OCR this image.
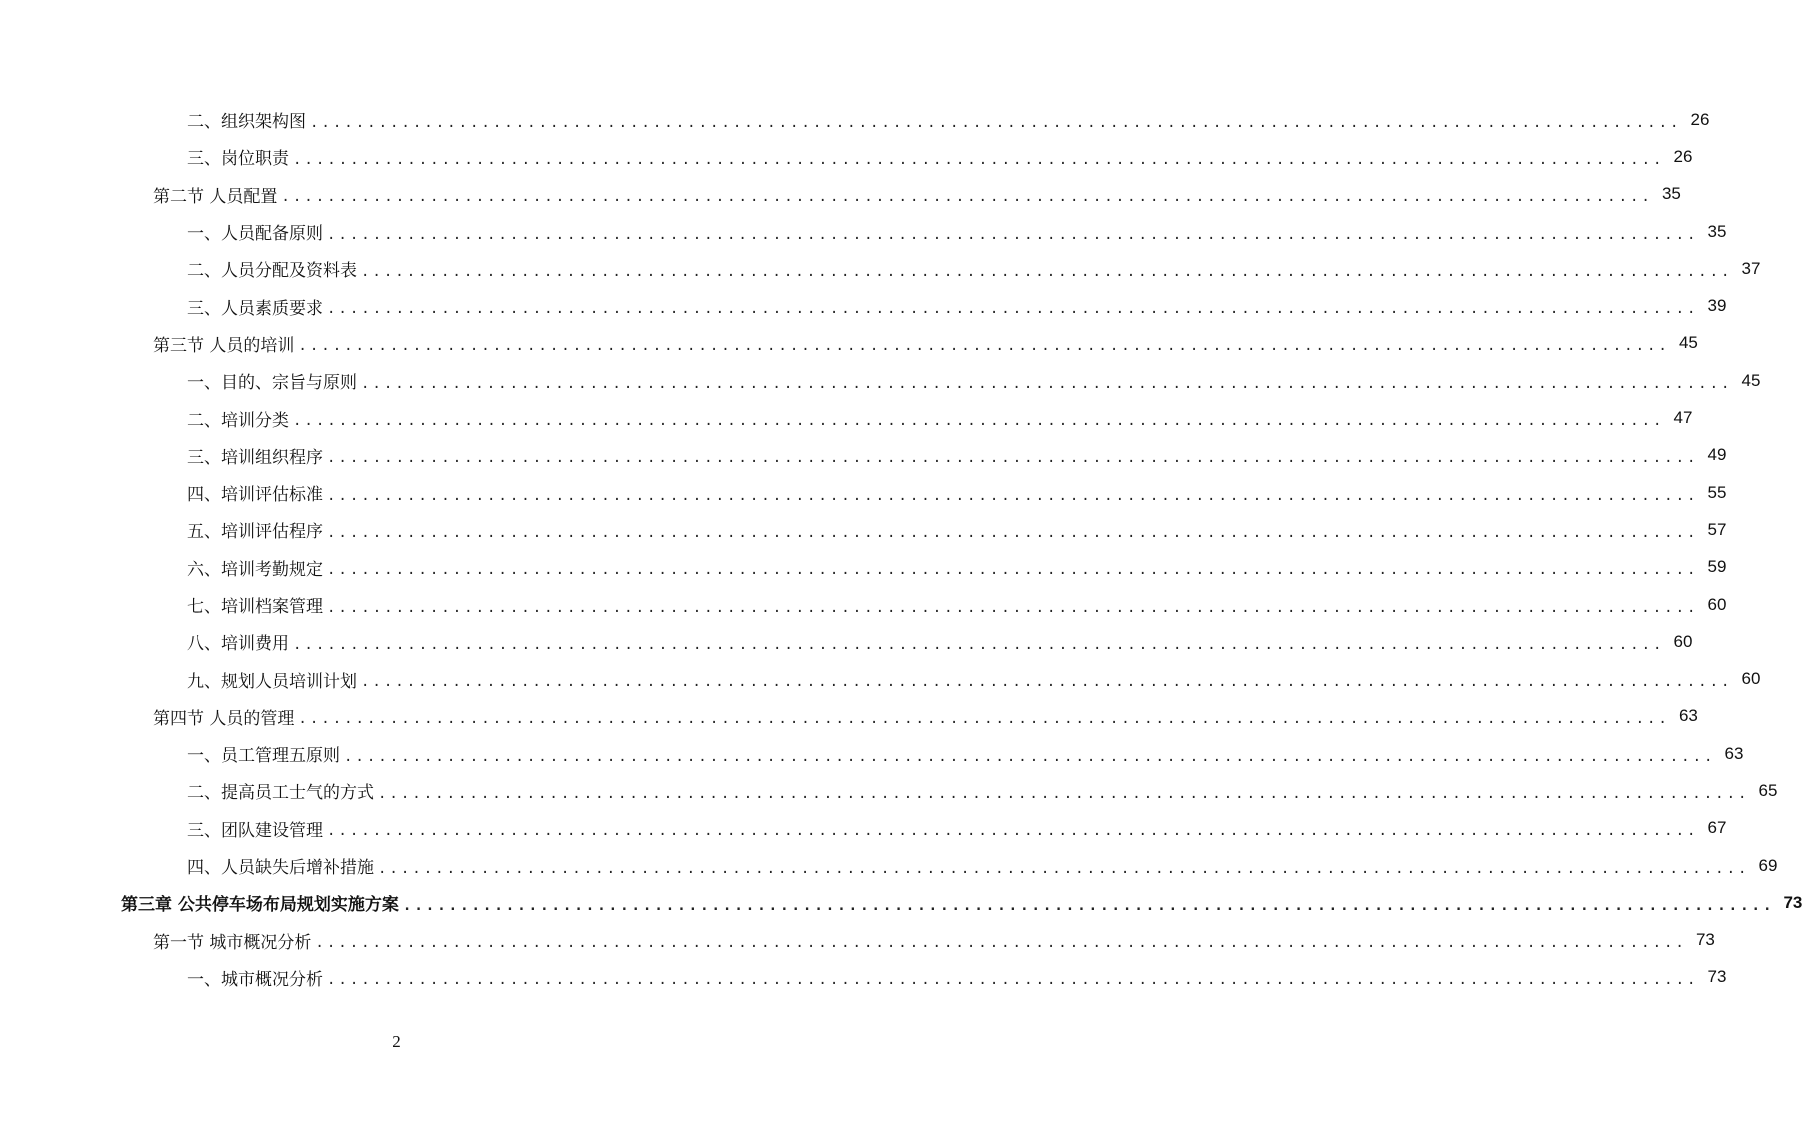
二、组织架构图 ........................................................................................................................ 26
三、岗位职责 ........................................................................................................................ 26
第二节 人员配置 ........................................................................................................................ 35
一、人员配备原则 ........................................................................................................................ 35
二、人员分配及资料表 ........................................................................................................................ 37
三、人员素质要求 ........................................................................................................................ 39
第三节 人员的培训 ........................................................................................................................ 45
一、目的、宗旨与原则 ........................................................................................................................ 45
二、培训分类 ........................................................................................................................ 47
三、培训组织程序 ........................................................................................................................ 49
四、培训评估标准 ........................................................................................................................ 55
五、培训评估程序 ........................................................................................................................ 57
六、培训考勤规定 ........................................................................................................................ 59
七、培训档案管理 ........................................................................................................................ 60
八、培训费用 ........................................................................................................................ 60
九、规划人员培训计划 ........................................................................................................................ 60
第四节 人员的管理 ........................................................................................................................ 63
一、员工管理五原则 ........................................................................................................................ 63
二、提高员工士气的方式 ........................................................................................................................ 65
三、团队建设管理 ........................................................................................................................ 67
四、人员缺失后增补措施 ........................................................................................................................ 69
第三章 公共停车场布局规划实施方案 ........................................................................................................................ 73
第一节 城市概况分析 ........................................................................................................................ 73
一、城市概况分析 ........................................................................................................................ 73
2
